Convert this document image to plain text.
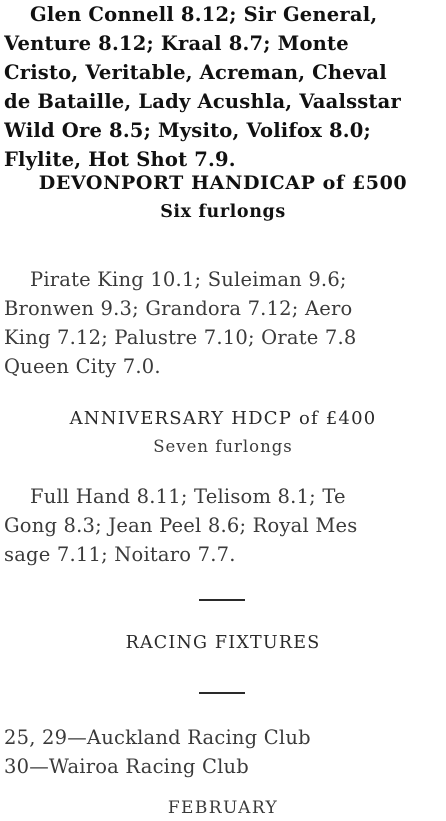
Glen Connell 8.12; Sir General,
Venture 8.12; Kraal 8.7; Monte
Cristo, Veritable, Acreman, Cheval
de Bataille, Lady Acushla, Vaalsstar
Wild Ore 8.5; Mysito, Volifox 8.0;
Flylite, Hot Shot 7.9.
DEVONPORT HANDICAP of £500
Six furlongs
Pirate King 10.1; Suleiman 9.6;
Bronwen 9.3; Grandora 7.12; Aero
King 7.12; Palustre 7.10; Orate 7.8
Queen City 7.0.
ANNIVERSARY HDCP of £400
Seven furlongs
Full Hand 8.11; Telisom 8.1; Te
Gong 8.3; Jean Peel 8.6; Royal Mes
sage 7.11; Noitaro 7.7.
RACING FIXTURES
25, 29—Auckland Racing Club
30—Wairoa Racing Club
FEBRUARY
